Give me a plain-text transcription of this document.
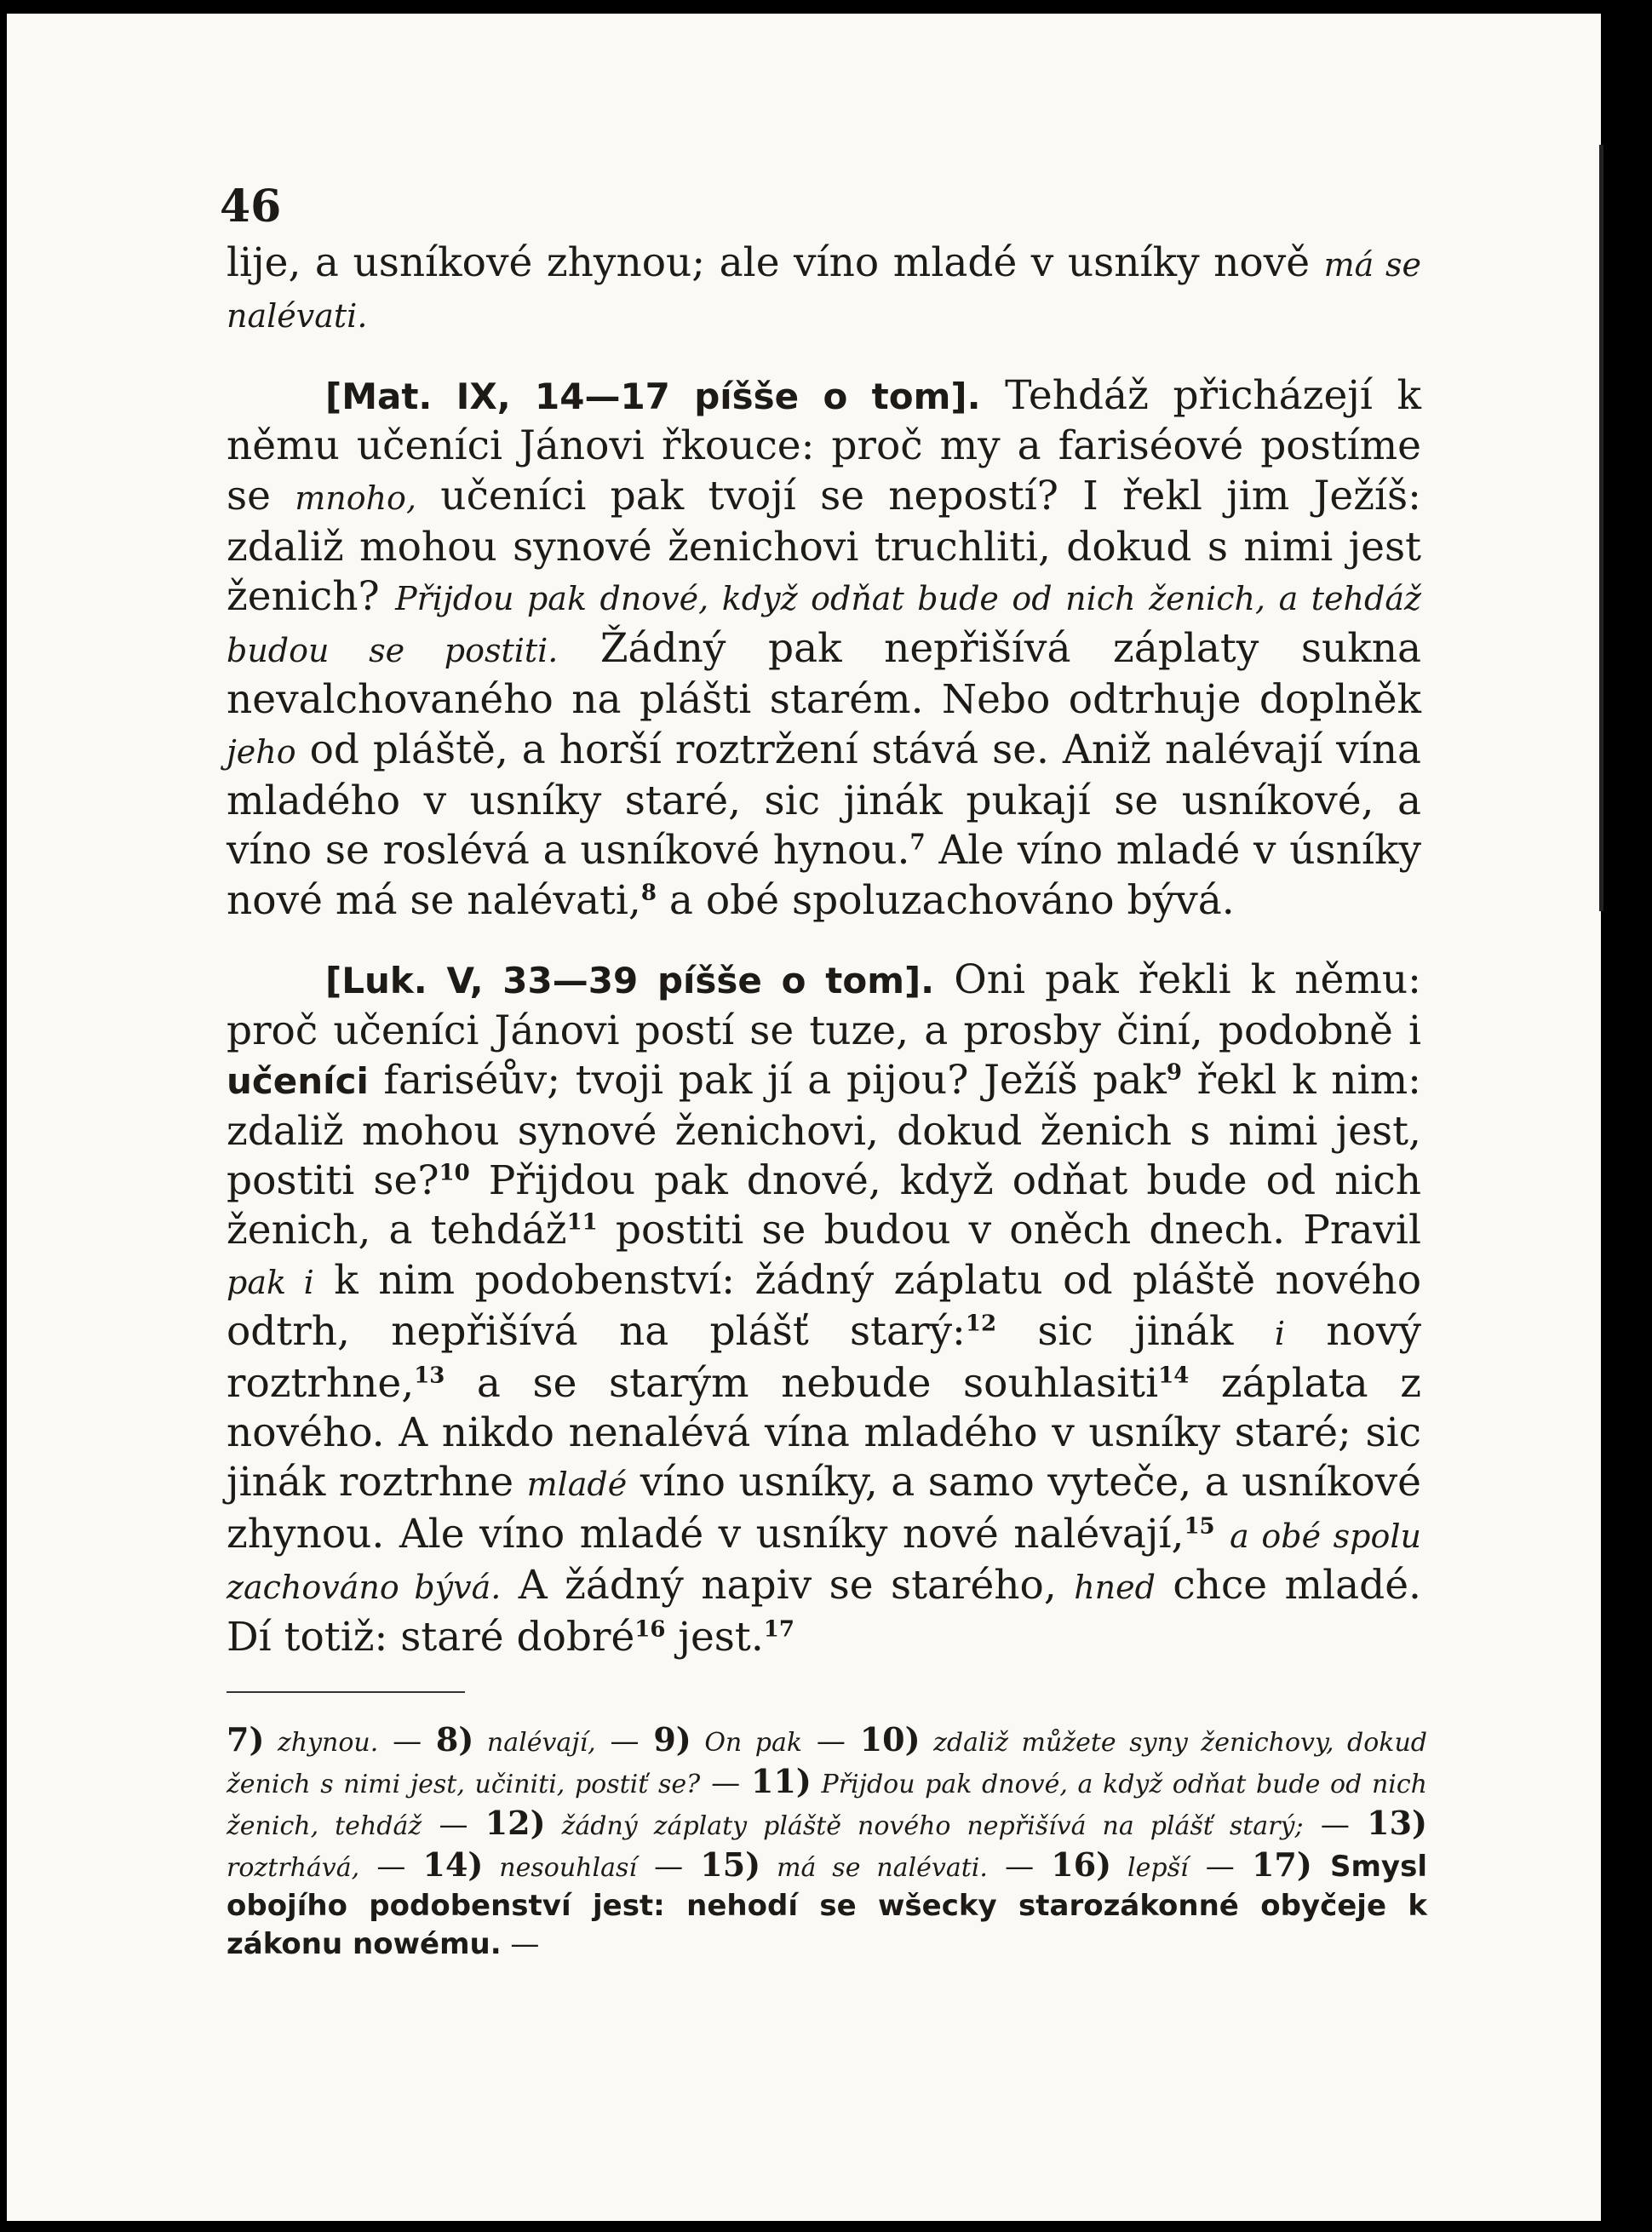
46

lije, a usníkové zhynou; ale víno mladé v usníky nově má se nalévati.

[Mat. IX, 14—17 píšše o tom]. Tehdáž přicházejí k němu učeníci Jánovi řkouce: proč my a fariséové postíme se mnoho, učeníci pak tvojí se nepostí? I řekl jim Ježíš: zdaliž mohou synové ženichovi truchliti, dokud s nimi jest ženich? Přijdou pak dnové, když odňat bude od nich ženich, a tehdáž budou se postiti. Žádný pak nepřišívá záplaty sukna nevalchovaného na plášti starém. Nebo odtrhuje doplněk jeho od pláště, a horší roztržení stává se. Aniž nalévají vína mladého v usníky staré, sic jinák pukají se usníkové, a víno se roslévá a usníkové hynou.$^7$ Ale víno mladé v úsníky nové má se nalévati,$^8$ a obé spoluzachováno bývá.

[Luk. V, 33—39 píšše o tom]. Oni pak řekli k němu: proč učeníci Jánovi postí se tuze, a prosby činí, podobně i učeníci fariséův; tvoji pak jí a pijou? Ježíš pak$^9$ řekl k nim: zdaliž mohou synové ženichovi, dokud ženich s nimi jest, postiti se?$^{10}$ Přijdou pak dnové, když odňat bude od nich ženich, a tehdáž$^{11}$ postiti se budou v oněch dnech. Pravil pak i k nim podobenství: žádný záplatu od pláště nového odtrh, nepřišívá na plášť starý:$^{12}$ sic jinák i nový roztrhne,$^{13}$ a se starým nebude souhlasiti$^{14}$ záplata z nového. A nikdo nenalévá vína mladého v usníky staré; sic jinák roztrhne mladé víno usníky, a samo vyteče, a usníkové zhynou. Ale víno mladé v usníky nové nalévají,$^{15}$ a obé spolu zachováno bývá. A žádný napiv se starého, hned chce mladé. Dí totiž: staré dobré$^{16}$ jest.$^{17}$

7) zhynou. — 8) nalévají, — 9) On pak — 10) zdaliž můžete syny ženichovy, dokud ženich s nimi jest, učiniti, postiť se? — 11) Přijdou pak dnové, a když odňat bude od nich ženich, tehdáž — 12) žádný záplaty pláště nového nepřišívá na plášť starý; — 13) roztrhává, — 14) nesouhlasí — 15) má se nalévati. — 16) lepší — 17) Smysl obojího podobenství jest: nehodí se wšecky starozákonné obyčeje k zákonu nowému. —
